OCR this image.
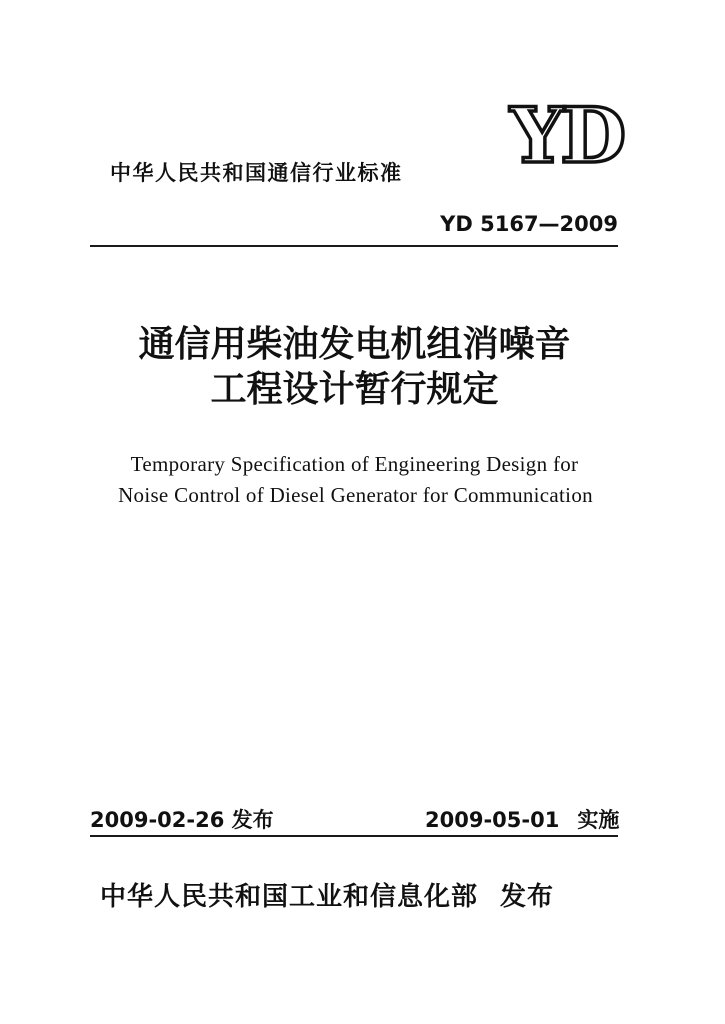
中华人民共和国通信行业标准 YD
YD 5167—2009
通信用柴油发电机组消噪音
工程设计暂行规定
Temporary Specification of Engineering Design for
Noise Control of Diesel Generator for Communication
2009-02-26 发布	2009-05-01 实施
中华人民共和国工业和信息化部 发布
